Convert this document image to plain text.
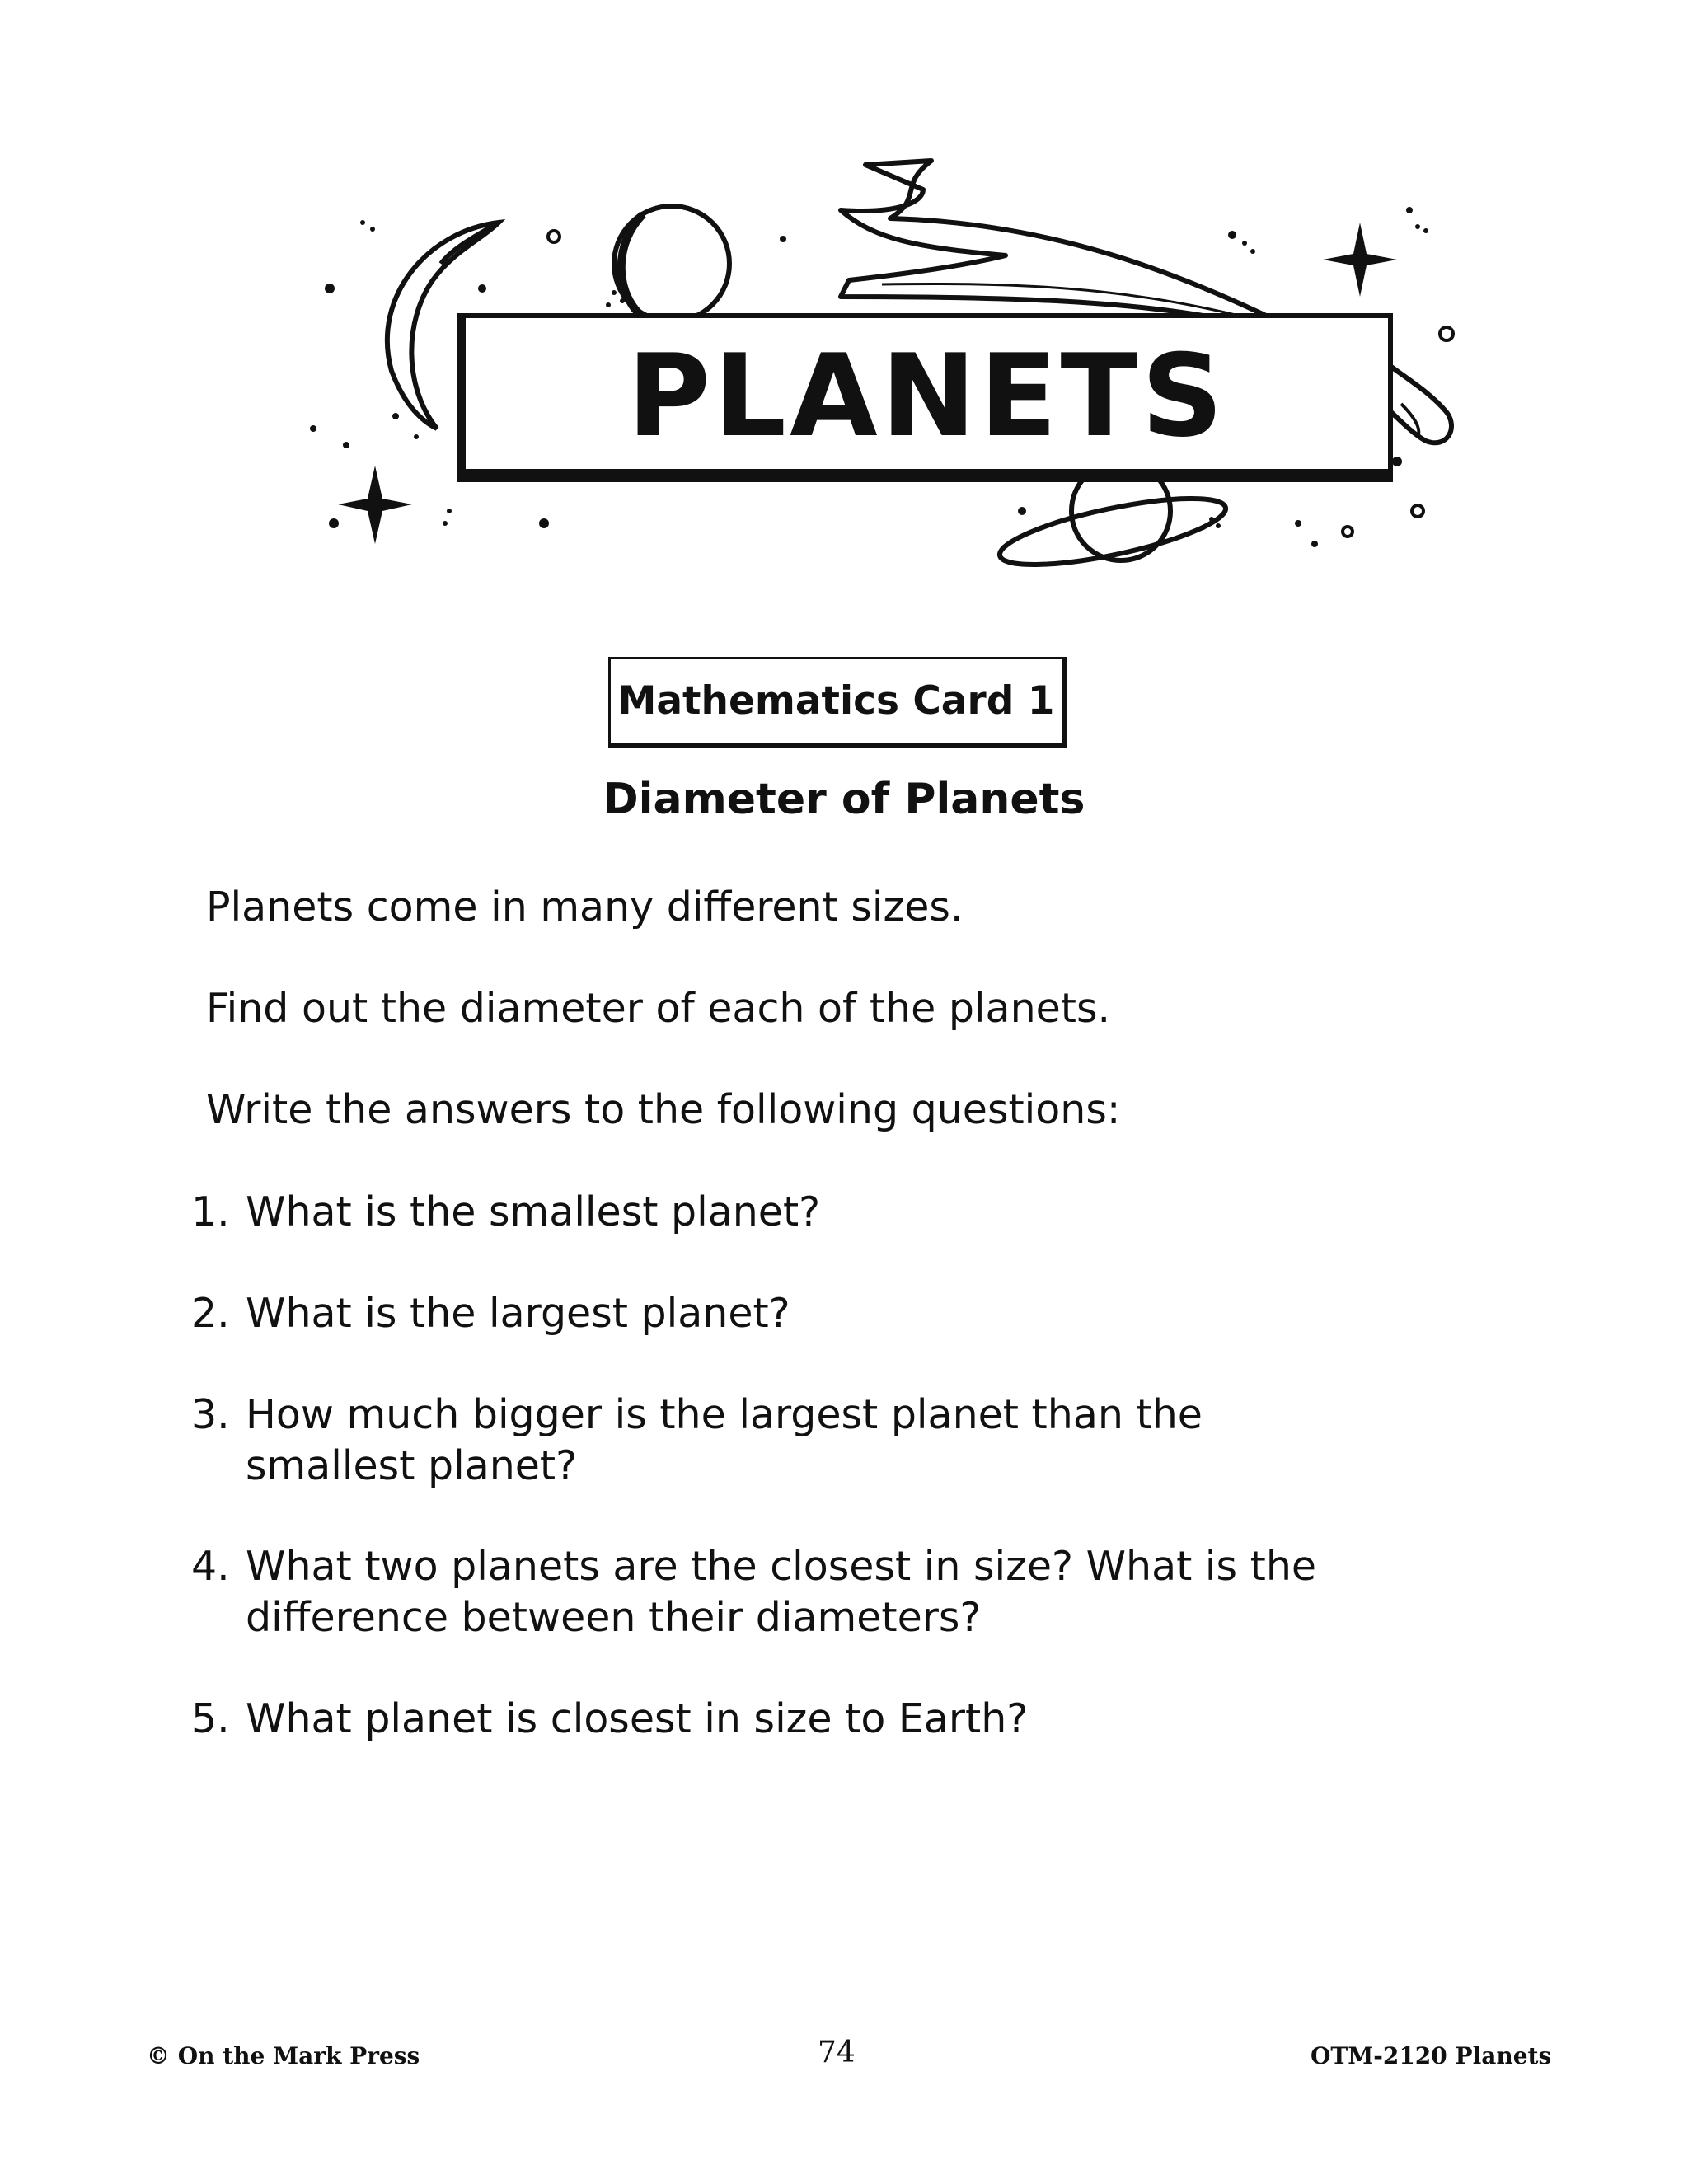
PLANETS
Mathematics Card 1
Diameter of Planets
Planets come in many different sizes.
Find out the diameter of each of the planets.
Write the answers to the following questions:
1. What is the smallest planet?
2. What is the largest planet?
3. How much bigger is the largest planet than the smallest planet?
4. What two planets are the closest in size? What is the difference between their diameters?
5. What planet is closest in size to Earth?
© On the Mark Press	74	OTM-2120 Planets
